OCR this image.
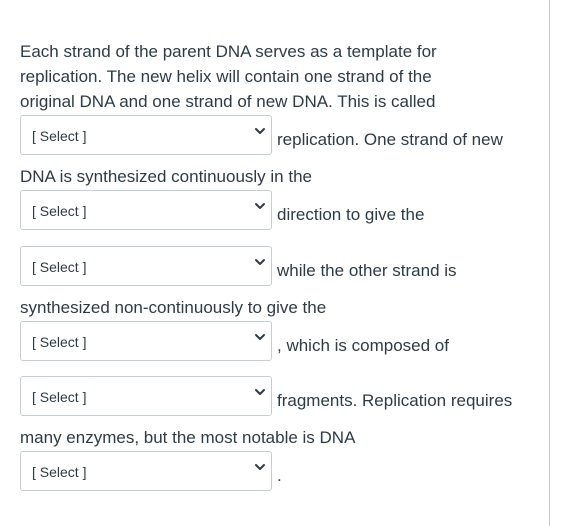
Each strand of the parent DNA serves as a template for
replication. The new helix will contain one strand of the
original DNA and one strand of new DNA. This is called
[ Select ]	replication. One strand of new
DNA is synthesized continuously in the
[ Select ]	direction to give the
[ Select ]	while the other strand is
synthesized non-continuously to give the
[ Select ]	, which is composed of
[ Select ]	fragments. Replication requires
many enzymes, but the most notable is DNA
[ Select ]	.
